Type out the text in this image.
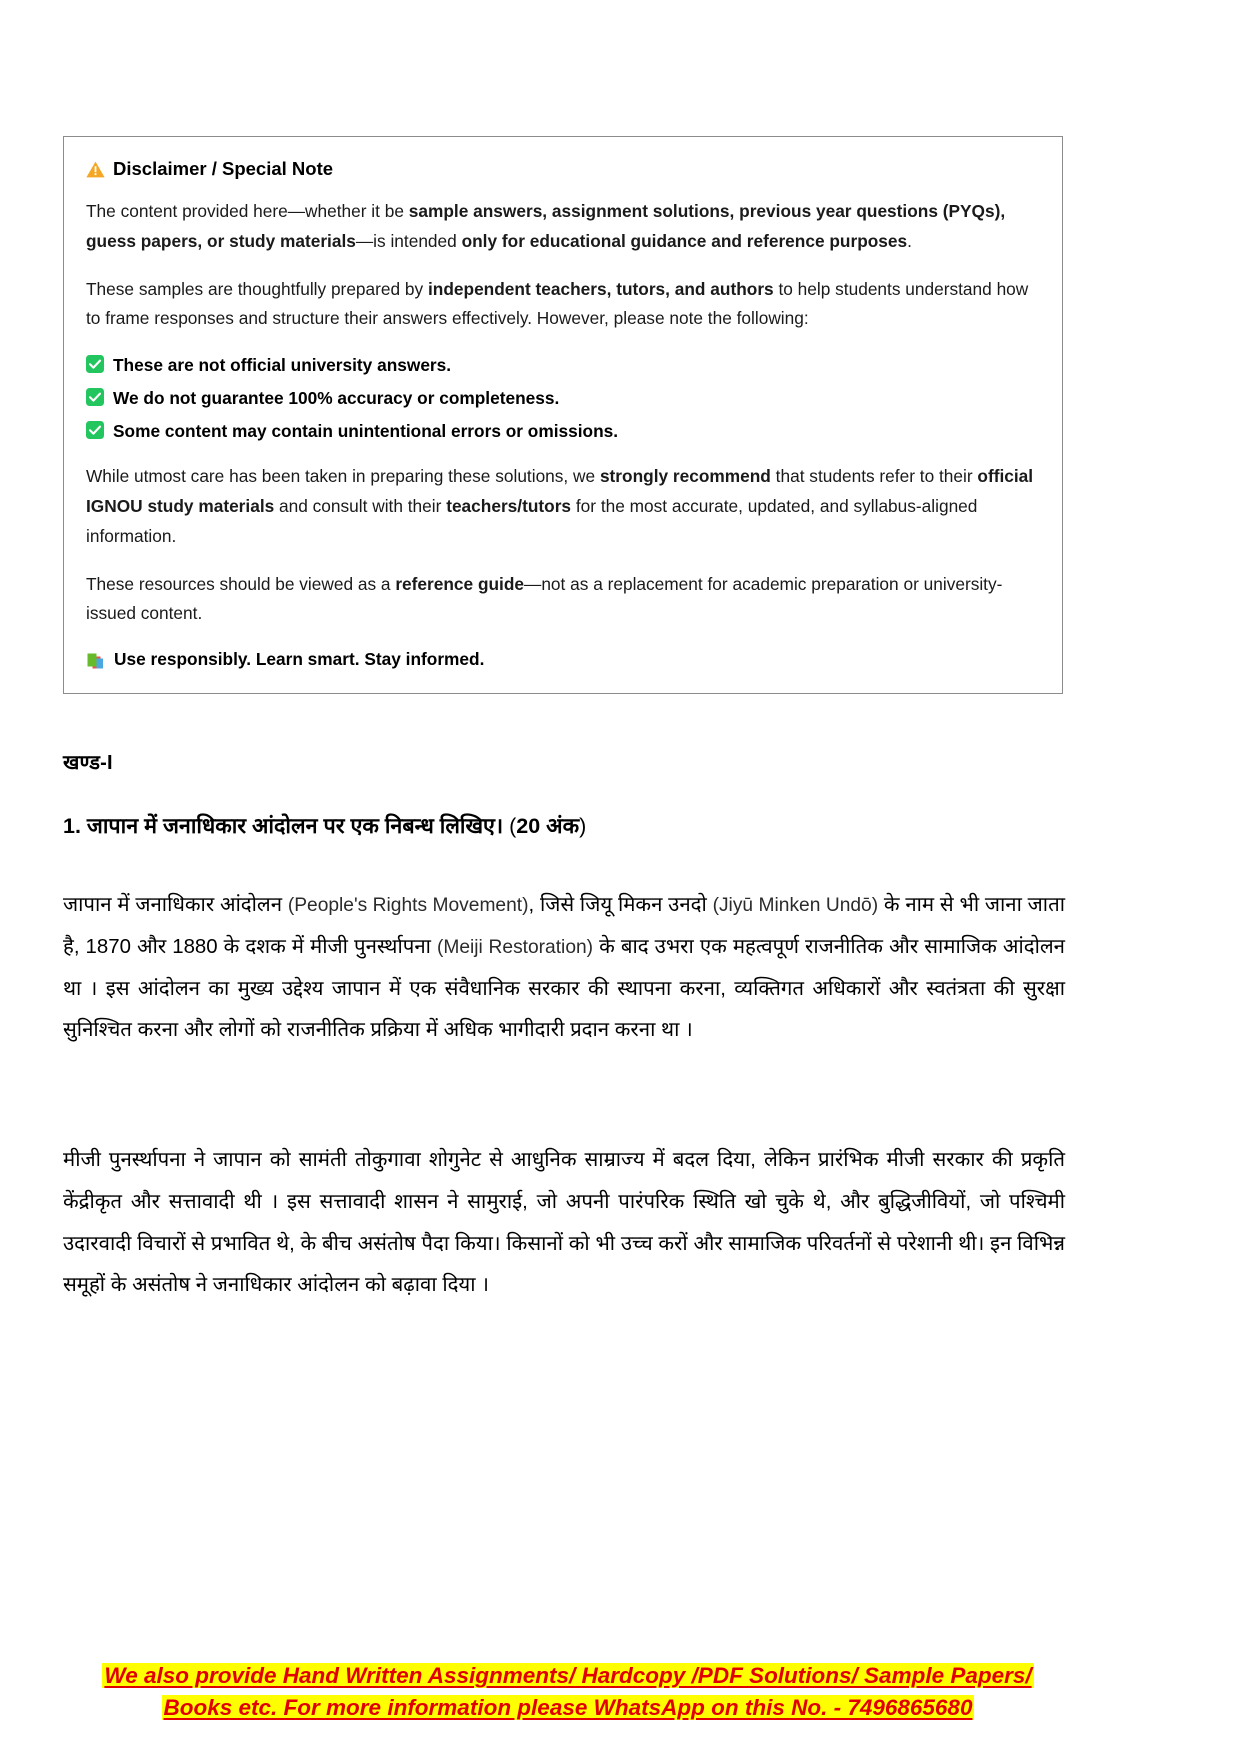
Disclaimer / Special Note

The content provided here—whether it be sample answers, assignment solutions, previous year questions (PYQs), guess papers, or study materials—is intended only for educational guidance and reference purposes.

These samples are thoughtfully prepared by independent teachers, tutors, and authors to help students understand how to frame responses and structure their answers effectively. However, please note the following:

These are not official university answers.
We do not guarantee 100% accuracy or completeness.
Some content may contain unintentional errors or omissions.

While utmost care has been taken in preparing these solutions, we strongly recommend that students refer to their official IGNOU study materials and consult with their teachers/tutors for the most accurate, updated, and syllabus-aligned information.

These resources should be viewed as a reference guide—not as a replacement for academic preparation or university-issued content.

Use responsibly. Learn smart. Stay informed.
खण्ड-I
1. जापान में जनाधिकार आंदोलन पर एक निबन्ध लिखिए। (20 अंक)
जापान में जनाधिकार आंदोलन (People's Rights Movement), जिसे जियू मिकन उनदो (Jiyū Minken Undō) के नाम से भी जाना जाता है, 1870 और 1880 के दशक में मीजी पुनर्स्थापना (Meiji Restoration) के बाद उभरा एक महत्वपूर्ण राजनीतिक और सामाजिक आंदोलन था । इस आंदोलन का मुख्य उद्देश्य जापान में एक संवैधानिक सरकार की स्थापना करना, व्यक्तिगत अधिकारों और स्वतंत्रता की सुरक्षा सुनिश्चित करना और लोगों को राजनीतिक प्रक्रिया में अधिक भागीदारी प्रदान करना था ।
मीजी पुनर्स्थापना ने जापान को सामंती तोकुगावा शोगुनेट से आधुनिक साम्राज्य में बदल दिया, लेकिन प्रारंभिक मीजी सरकार की प्रकृति केंद्रीकृत और सत्तावादी थी । इस सत्तावादी शासन ने सामुराई, जो अपनी पारंपरिक स्थिति खो चुके थे, और बुद्धिजीवियों, जो पश्चिमी उदारवादी विचारों से प्रभावित थे, के बीच असंतोष पैदा किया। किसानों को भी उच्च करों और सामाजिक परिवर्तनों से परेशानी थी। इन विभिन्न समूहों के असंतोष ने जनाधिकार आंदोलन को बढ़ावा दिया ।
We also provide Hand Written Assignments/ Hardcopy /PDF Solutions/ Sample Papers/
Books etc. For more information please WhatsApp on this No. - 7496865680
